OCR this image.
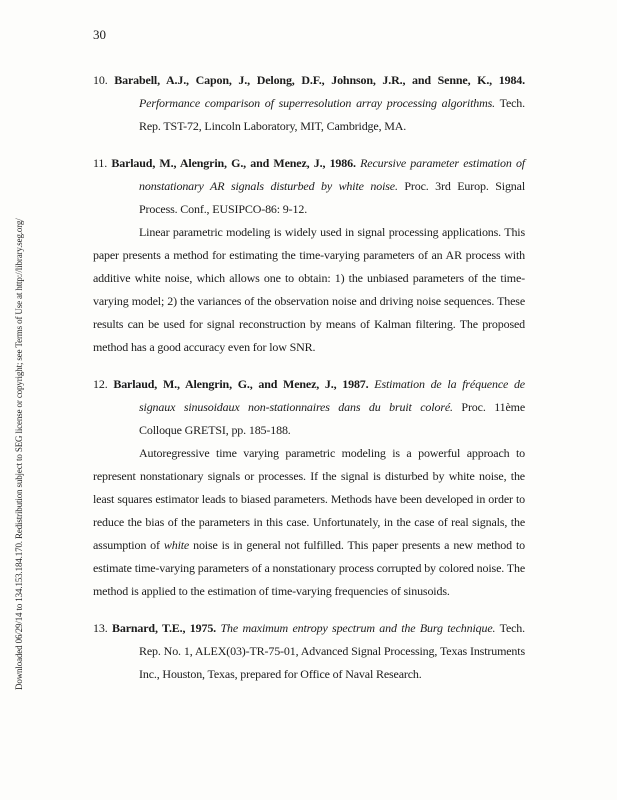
Downloaded 06/29/14 to 134.153.184.170. Redistribution subject to SEG license or copyright; see Terms of Use at http://library.seg.org/
30

10. Barabell, A.J., Capon, J., Delong, D.F., Johnson, J.R., and Senne, K., 1984. Performance comparison of superresolution array processing algorithms. Tech. Rep. TST-72, Lincoln Laboratory, MIT, Cambridge, MA.

11. Barlaud, M., Alengrin, G., and Menez, J., 1986. Recursive parameter estimation of nonstationary AR signals disturbed by white noise. Proc. 3rd Europ. Signal Process. Conf., EUSIPCO-86: 9-12.

Linear parametric modeling is widely used in signal processing applications. This paper presents a method for estimating the time-varying parameters of an AR process with additive white noise, which allows one to obtain: 1) the unbiased parameters of the time-varying model; 2) the variances of the observation noise and driving noise sequences. These results can be used for signal reconstruction by means of Kalman filtering. The proposed method has a good accuracy even for low SNR.

12. Barlaud, M., Alengrin, G., and Menez, J., 1987. Estimation de la fréquence de signaux sinusoidaux non-stationnaires dans du bruit coloré. Proc. 11ème Colloque GRETSI, pp. 185-188.

Autoregressive time varying parametric modeling is a powerful approach to represent nonstationary signals or processes. If the signal is disturbed by white noise, the least squares estimator leads to biased parameters. Methods have been developed in order to reduce the bias of the parameters in this case. Unfortunately, in the case of real signals, the assumption of white noise is in general not fulfilled. This paper presents a new method to estimate time-varying parameters of a nonstationary process corrupted by colored noise. The method is applied to the estimation of time-varying frequencies of sinusoids.

13. Barnard, T.E., 1975. The maximum entropy spectrum and the Burg technique. Tech. Rep. No. 1, ALEX(03)-TR-75-01, Advanced Signal Processing, Texas Instruments Inc., Houston, Texas, prepared for Office of Naval Research.
